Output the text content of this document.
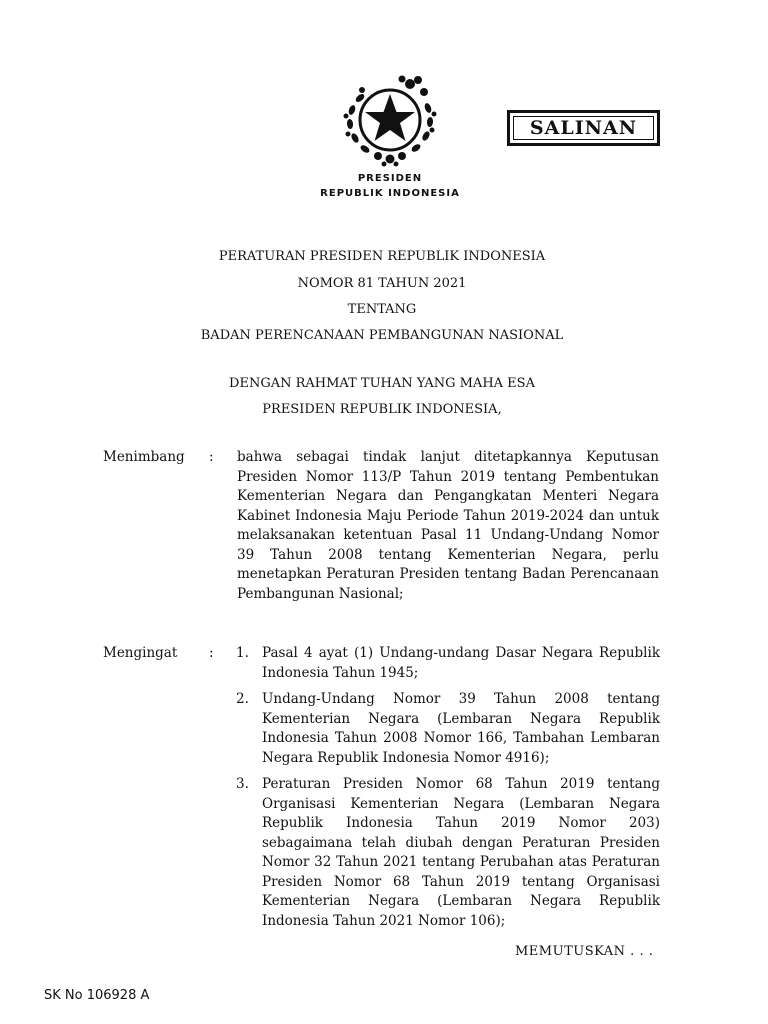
SALINAN
PRESIDEN
REPUBLIK INDONESIA
PERATURAN PRESIDEN REPUBLIK INDONESIA
NOMOR 81 TAHUN 2021
TENTANG
BADAN PERENCANAAN PEMBANGUNAN NASIONAL
DENGAN RAHMAT TUHAN YANG MAHA ESA
PRESIDEN REPUBLIK INDONESIA,
Menimbang : bahwa sebagai tindak lanjut ditetapkannya Keputusan Presiden Nomor 113/P Tahun 2019 tentang Pembentukan Kementerian Negara dan Pengangkatan Menteri Negara Kabinet Indonesia Maju Periode Tahun 2019-2024 dan untuk melaksanakan ketentuan Pasal 11 Undang-Undang Nomor 39 Tahun 2008 tentang Kementerian Negara, perlu menetapkan Peraturan Presiden tentang Badan Perencanaan Pembangunan Nasional;
Mengingat : 1. Pasal 4 ayat (1) Undang-undang Dasar Negara Republik Indonesia Tahun 1945;
2. Undang-Undang Nomor 39 Tahun 2008 tentang Kementerian Negara (Lembaran Negara Republik Indonesia Tahun 2008 Nomor 166, Tambahan Lembaran Negara Republik Indonesia Nomor 4916);
3. Peraturan Presiden Nomor 68 Tahun 2019 tentang Organisasi Kementerian Negara (Lembaran Negara Republik Indonesia Tahun 2019 Nomor 203) sebagaimana telah diubah dengan Peraturan Presiden Nomor 32 Tahun 2021 tentang Perubahan atas Peraturan Presiden Nomor 68 Tahun 2019 tentang Organisasi Kementerian Negara (Lembaran Negara Republik Indonesia Tahun 2021 Nomor 106);
MEMUTUSKAN . . .
SK No 106928 A
